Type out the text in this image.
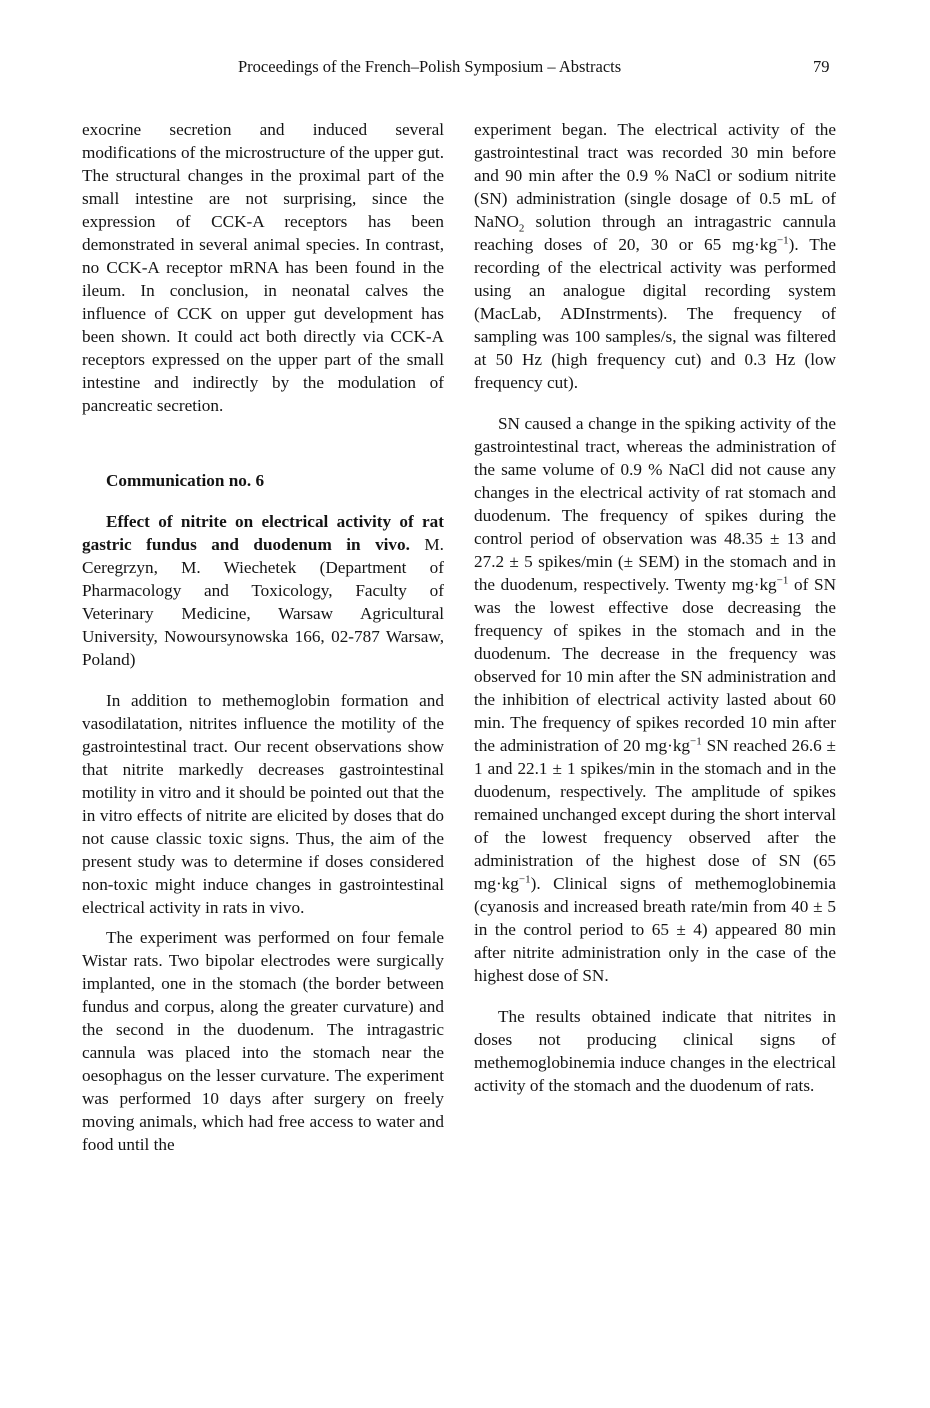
Proceedings of the French–Polish Symposium – Abstracts	79

exocrine secretion and induced several modifications of the microstructure of the upper gut. The structural changes in the proximal part of the small intestine are not surprising, since the expression of CCK-A receptors has been demonstrated in several animal species. In contrast, no CCK-A receptor mRNA has been found in the ileum. In conclusion, in neonatal calves the influence of CCK on upper gut development has been shown. It could act both directly via CCK-A receptors expressed on the upper part of the small intestine and indirectly by the modulation of pancreatic secretion.

Communication no. 6

Effect of nitrite on electrical activity of rat gastric fundus and duodenum in vivo. M. Ceregrzyn, M. Wiechetek (Department of Pharmacology and Toxicology, Faculty of Veterinary Medicine, Warsaw Agricultural University, Nowoursynowska 166, 02-787 Warsaw, Poland)

In addition to methemoglobin formation and vasodilatation, nitrites influence the motility of the gastrointestinal tract. Our recent observations show that nitrite markedly decreases gastrointestinal motility in vitro and it should be pointed out that the in vitro effects of nitrite are elicited by doses that do not cause classic toxic signs. Thus, the aim of the present study was to determine if doses considered non-toxic might induce changes in gastrointestinal electrical activity in rats in vivo.

The experiment was performed on four female Wistar rats. Two bipolar electrodes were surgically implanted, one in the stomach (the border between fundus and corpus, along the greater curvature) and the second in the duodenum. The intragastric cannula was placed into the stomach near the oesophagus on the lesser curvature. The experiment was performed 10 days after surgery on freely moving animals, which had free access to water and food until the

experiment began. The electrical activity of the gastrointestinal tract was recorded 30 min before and 90 min after the 0.9 % NaCl or sodium nitrite (SN) administration (single dosage of 0.5 mL of NaNO$_2$ solution through an intragastric cannula reaching doses of 20, 30 or 65 $mg\cdot kg^{-1}$). The recording of the electrical activity was performed using an analogue digital recording system (MacLab, ADInstrments). The frequency of sampling was 100 samples/s, the signal was filtered at 50 Hz (high frequency cut) and 0.3 Hz (low frequency cut).

SN caused a change in the spiking activity of the gastrointestinal tract, whereas the administration of the same volume of 0.9 % NaCl did not cause any changes in the electrical activity of rat stomach and duodenum. The frequency of spikes during the control period of observation was 48.35 ± 13 and 27.2 ± 5 spikes/min (± SEM) in the stomach and in the duodenum, respectively. Twenty $mg\cdot kg^{-1}$ of SN was the lowest effective dose decreasing the frequency of spikes in the stomach and in the duodenum. The decrease in the frequency was observed for 10 min after the SN administration and the inhibition of electrical activity lasted about 60 min. The frequency of spikes recorded 10 min after the administration of 20 $mg\cdot kg^{-1}$ SN reached 26.6 ± 1 and 22.1 ± 1 spikes/min in the stomach and in the duodenum, respectively. The amplitude of spikes remained unchanged except during the short interval of the lowest frequency observed after the administration of the highest dose of SN (65 $mg\cdot kg^{-1}$). Clinical signs of methemoglobinemia (cyanosis and increased breath rate/min from 40 ± 5 in the control period to 65 ± 4) appeared 80 min after nitrite administration only in the case of the highest dose of SN.

The results obtained indicate that nitrites in doses not producing clinical signs of methemoglobinemia induce changes in the electrical activity of the stomach and the duodenum of rats.
